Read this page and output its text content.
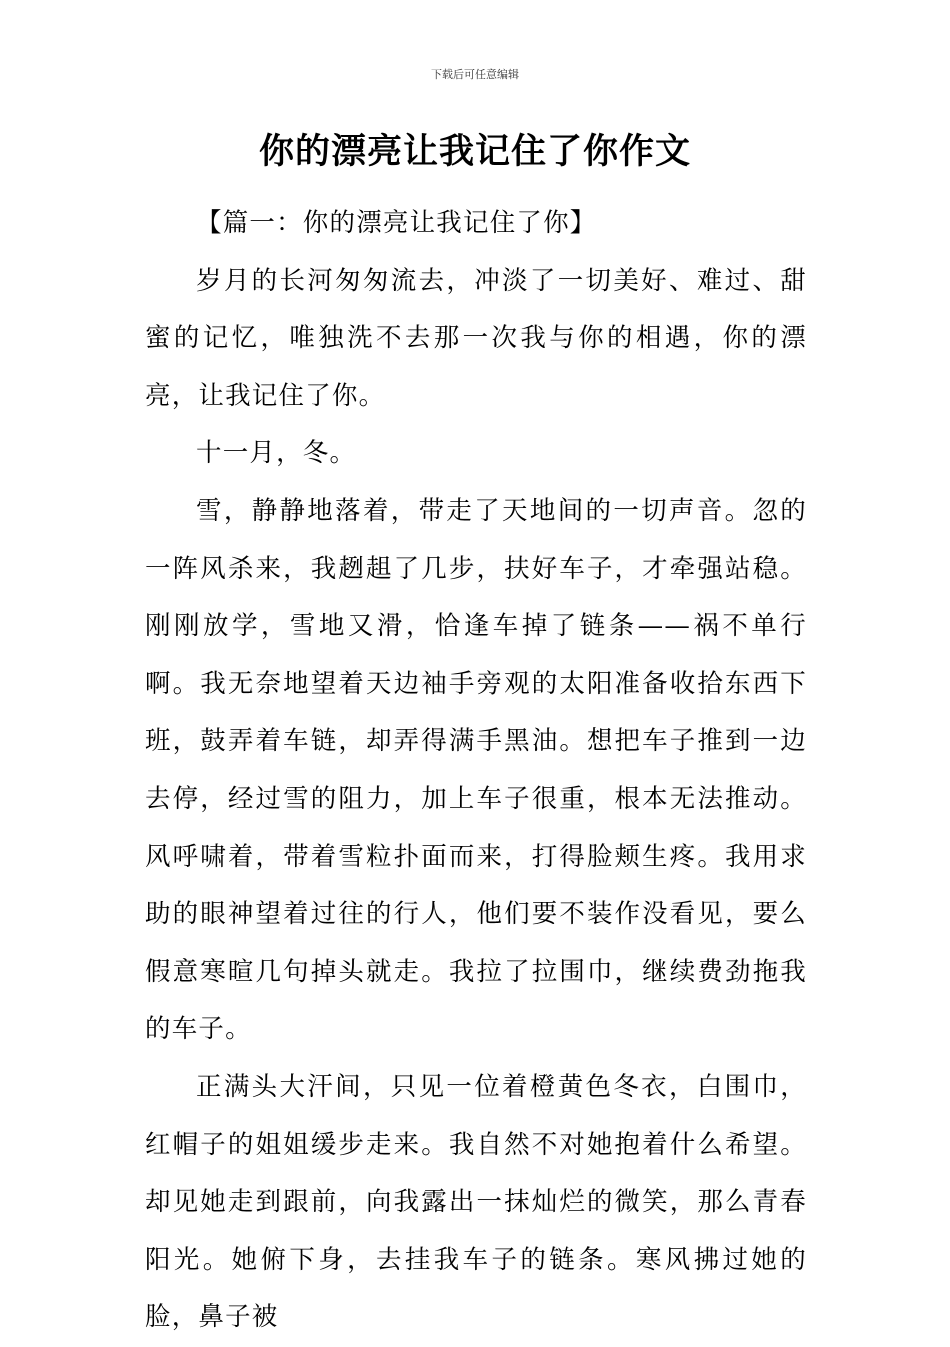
下载后可任意编辑
你的漂亮让我记住了你作文

【篇一：你的漂亮让我记住了你】

岁月的长河匆匆流去，冲淡了一切美好、难过、甜蜜的记忆，唯独洗不去那一次我与你的相遇，你的漂亮，让我记住了你。

十一月，冬。

雪，静静地落着，带走了天地间的一切声音。忽的一阵风杀来，我趔趄了几步，扶好车子，才牵强站稳。刚刚放学，雪地又滑，恰逢车掉了链条——祸不单行啊。我无奈地望着天边袖手旁观的太阳准备收拾东西下班，鼓弄着车链，却弄得满手黑油。想把车子推到一边去停，经过雪的阻力，加上车子很重，根本无法推动。风呼啸着，带着雪粒扑面而来，打得脸颊生疼。我用求助的眼神望着过往的行人，他们要不装作没看见，要么假意寒暄几句掉头就走。我拉了拉围巾，继续费劲拖我的车子。

正满头大汗间，只见一位着橙黄色冬衣，白围巾，红帽子的姐姐缓步走来。我自然不对她抱着什么希望。却见她走到跟前，向我露出一抹灿烂的微笑，那么青春阳光。她俯下身，去挂我车子的链条。寒风拂过她的脸，鼻子被
